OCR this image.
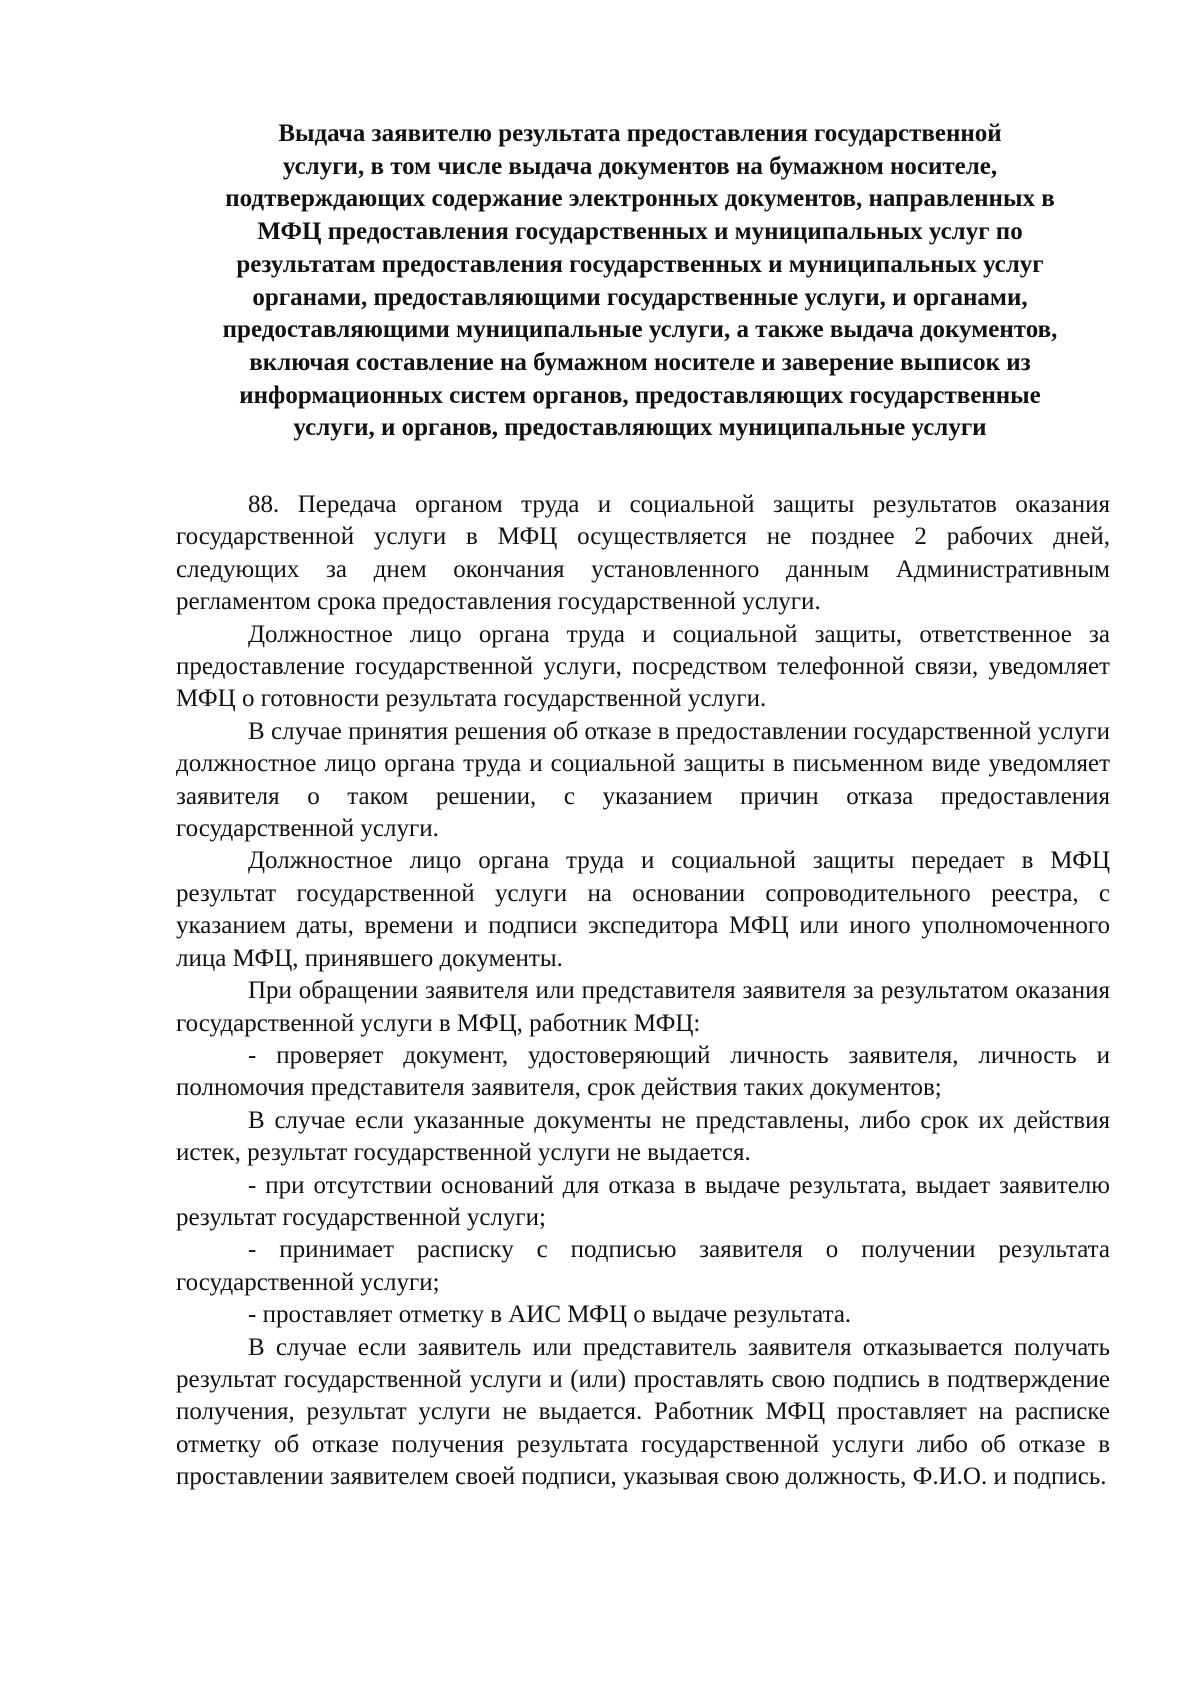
Выдача заявителю результата предоставления государственной
услуги, в том числе выдача документов на бумажном носителе,
подтверждающих содержание электронных документов, направленных в
МФЦ предоставления государственных и муниципальных услуг по
результатам предоставления государственных и муниципальных услуг
органами, предоставляющими государственные услуги, и органами,
предоставляющими муниципальные услуги, а также выдача документов,
включая составление на бумажном носителе и заверение выписок из
информационных систем органов, предоставляющих государственные
услуги, и органов, предоставляющих муниципальные услуги

88. Передача органом труда и социальной защиты результатов оказания государственной услуги в МФЦ осуществляется не позднее 2 рабочих дней, следующих за днем окончания установленного данным Административным регламентом срока предоставления государственной услуги.

Должностное лицо органа труда и социальной защиты, ответственное за предоставление государственной услуги, посредством телефонной связи, уведомляет МФЦ о готовности результата государственной услуги.

В случае принятия решения об отказе в предоставлении государственной услуги должностное лицо органа труда и социальной защиты в письменном виде уведомляет заявителя о таком решении, с указанием причин отказа предоставления государственной услуги.

Должностное лицо органа труда и социальной защиты передает в МФЦ результат государственной услуги на основании сопроводительного реестра, с указанием даты, времени и подписи экспедитора МФЦ или иного уполномоченного лица МФЦ, принявшего документы.

При обращении заявителя или представителя заявителя за результатом оказания государственной услуги в МФЦ, работник МФЦ:

- проверяет документ, удостоверяющий личность заявителя, личность и полномочия представителя заявителя, срок действия таких документов;

В случае если указанные документы не представлены, либо срок их действия истек, результат государственной услуги не выдается.

- при отсутствии оснований для отказа в выдаче результата, выдает заявителю результат государственной услуги;

- принимает расписку с подписью заявителя о получении результата государственной услуги;

- проставляет отметку в АИС МФЦ о выдаче результата.

В случае если заявитель или представитель заявителя отказывается получать результат государственной услуги и (или) проставлять свою подпись в подтверждение получения, результат услуги не выдается. Работник МФЦ проставляет на расписке отметку об отказе получения результата государственной услуги либо об отказе в проставлении заявителем своей подписи, указывая свою должность, Ф.И.О. и подпись.
